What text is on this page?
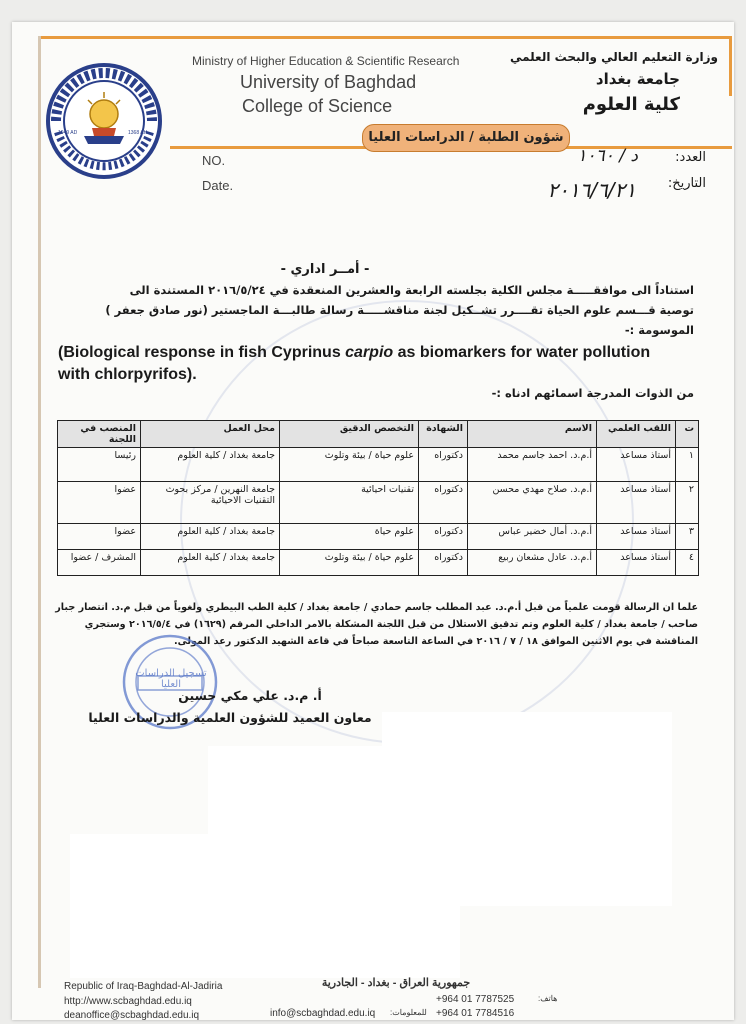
1949 AD	1368 AH
Ministry of Higher Education & Scientific Research
University of Baghdad
College of Science
وزارة التعليم العالي والبحث العلمي
جامعة بغداد
كلية العلوم
شؤون الطلبة / الدراسات العليا
NO.
Date.
العدد:
د / ١٠٦٠
التاريخ:
٢٠١٦/٦/٢١
- أمــر اداري -
استناداً الى موافقـــــة مجلس الكلية بجلسته الرابعة والعشرين المنعقدة في ٢٠١٦/٥/٢٤ المستندة الى
توصية قـــسم علوم الحياة تقــــرر تشــكيل لجنة مناقشـــــة رسالة طالبـــة الماجستير (نور صادق جعفر )
الموسومة :-
(Biological response in fish Cyprinus carpio as biomarkers for water pollution
with chlorpyrifos).
من الذوات المدرجة اسمائهم ادناه :-
ت	اللقب العلمي	الاسم	الشهادة	التخصص الدقيق	محل العمل	المنصب في اللجنة
١	أستاذ مساعد	أ.م.د. احمد جاسم محمد	دكتوراه	علوم حياة / بيئة وتلوث	جامعة بغداد / كلية العلوم	رئيسا
٢	أستاذ مساعد	أ.م.د. صلاح مهدي محسن	دكتوراه	تقنيات احيائية	جامعة النهرين / مركز بحوث التقنيات الاحيائية	عضوا
٣	أستاذ مساعد	أ.م.د. أمال خضير عباس	دكتوراه	علوم حياة	جامعة بغداد / كلية العلوم	عضوا
٤	أستاذ مساعد	أ.م.د. عادل مشعان ربيع	دكتوراه	علوم حياة / بيئة وتلوث	جامعة بغداد / كلية العلوم	المشرف / عضوا
علما ان الرسالة قومت علمياً من قبل أ.م.د. عبد المطلب جاسم حمادي / جامعة بغداد / كلية الطب البيطري ولغوياً من قبل م.د. انتصار جبار
صاحب / جامعة بغداد / كلية العلوم وتم تدقيق الاستلال من قبل اللجنة المشكلة بالامر الداخلي المرقم (١٦٢٩) في ٢٠١٦/٥/٤ وستجري
المناقشة في يوم الاثنين الموافق ١٨ / ٧ / ٢٠١٦ في الساعة التاسعة صباحاً في قاعة الشهيد الدكتور رعد المولى.
تسجيل الدراسات العليا
أ. م.د. علي مكي حسين
معاون العميد للشؤون العلمية والدراسات العليا
Republic of Iraq-Baghdad-Al-Jadiria
http://www.scbaghdad.edu.iq
deanoffice@scbaghdad.edu.iq
جمهورية العراق - بغداد - الجادرية
info@scbaghdad.edu.iq للمعلومات:
+964 01 7787525
+964 01 7784516
هاتف:
